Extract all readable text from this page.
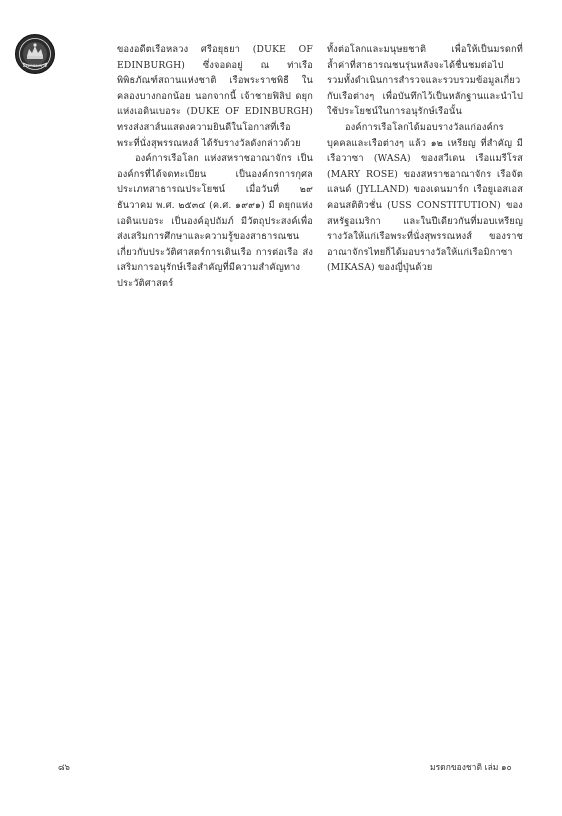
มรดกของชาติ

ของอดีตเรือหลวง ศรีอยุธยา (DUKE OF EDINBURGH) ซึ่งจอดอยู่ ณ ท่าเรือ พิพิธภัณฑ์สถานแห่งชาติ เรือพระราชพิธี ในคลองบางกอกน้อย นอกจากนี้ เจ้าชายฟิลิป ดยุกแห่งเอดินเบอระ (DUKE OF EDINBURGH) ทรงส่งสาส์นแสดงความยินดีในโอกาสที่เรือพระที่นั่งสุพรรณหงส์ ได้รับรางวัลดังกล่าวด้วย

องค์การเรือโลก แห่งสหราชอาณาจักร เป็นองค์กรที่ได้จดทะเบียน เป็นองค์กรการกุศลประเภทสาธารณประโยชน์ เมื่อวันที่ ๒๙ ธันวาคม พ.ศ. ๒๕๓๔ (ค.ศ. ๑๙๙๑) มี ดยุกแห่งเอดินเบอระ เป็นองค์อุปถัมภ์ มีวัตถุประสงค์เพื่อส่งเสริมการศึกษาและความรู้ของสาธารณชนเกี่ยวกับประวัติศาสตร์การเดินเรือ การต่อเรือ ส่งเสริมการอนุรักษ์เรือสำคัญที่มีความสำคัญทางประวัติศาสตร์

ทั้งต่อโลกและมนุษยชาติ เพื่อให้เป็นมรดกที่ล้ำค่าที่สาธารณชนรุ่นหลังจะได้ชื่นชมต่อไป รวมทั้งดำเนินการสำรวจและรวบรวมข้อมูลเกี่ยวกับเรือต่างๆ เพื่อบันทึกไว้เป็นหลักฐานและนำไปใช้ประโยชน์ในการอนุรักษ์เรือนั้น

องค์การเรือโลกได้มอบรางวัลแก่องค์กรบุคคลและเรือต่างๆ แล้ว ๑๒ เหรียญ ที่สำคัญ มีเรือวาซา (WASA) ของสวีเดน เรือแมรีโรส (MARY ROSE) ของสหราชอาณาจักร เรือจัตแลนด์ (JYLLAND) ของเดนมาร์ก เรือยูเอสเอส คอนสติติวชั่น (USS CONSTITUTION) ของสหรัฐอเมริกา และในปีเดียวกันที่มอบเหรียญรางวัลให้แก่เรือพระที่นั่งสุพรรณหงส์ ของราชอาณาจักรไทยก็ได้มอบรางวัลให้แก่เรือมิกาซา (MIKASA) ของญี่ปุ่นด้วย

๘๖	มรดกของชาติ เล่ม ๑๐
